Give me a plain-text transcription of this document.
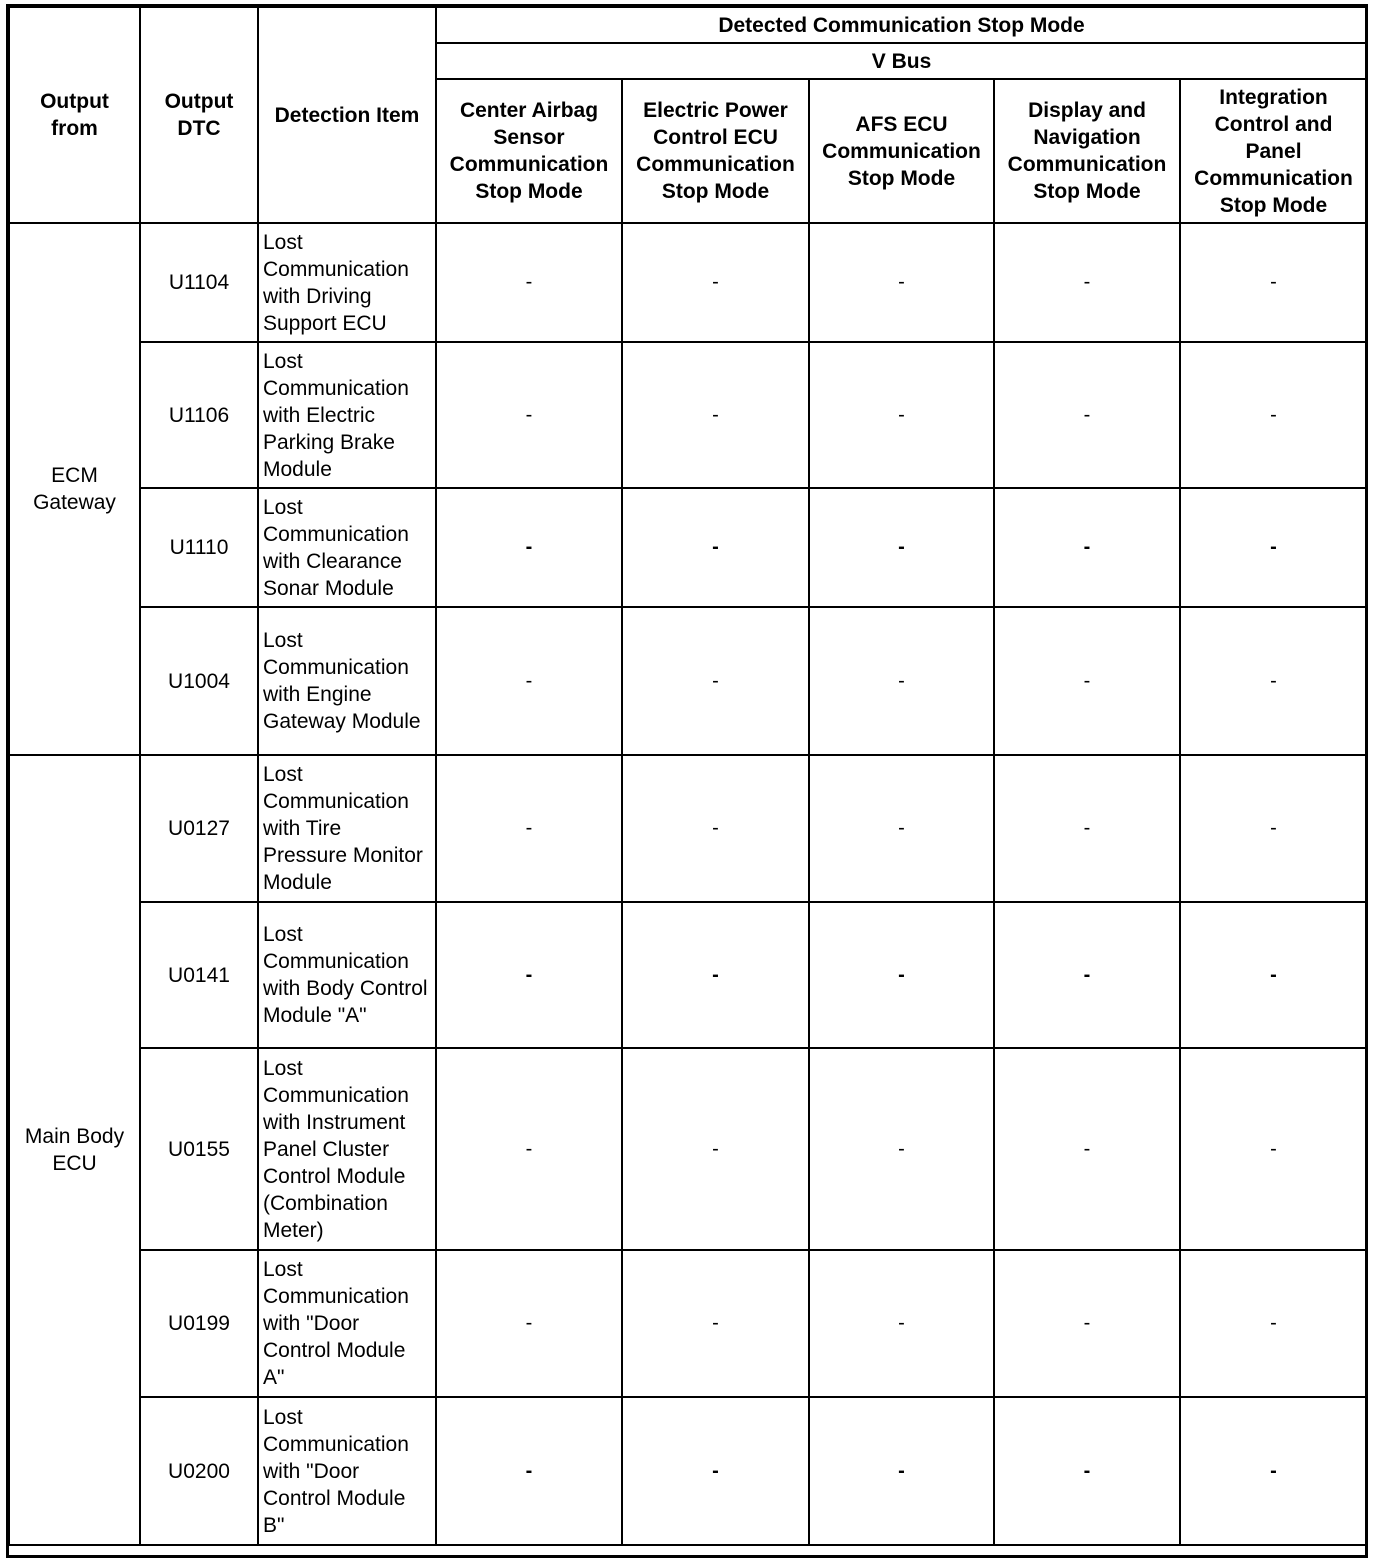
Output from	Output DTC	Detection Item	Detected Communication Stop Mode				
			V Bus				
			Center Airbag Sensor Communication Stop Mode	Electric Power Control ECU Communication Stop Mode	AFS ECU Communication Stop Mode	Display and Navigation Communication Stop Mode	Integration Control and Panel Communication Stop Mode
ECM Gateway	U1104	Lost Communication with Driving Support ECU	-	-	-	-	-
	U1106	Lost Communication with Electric Parking Brake Module	-	-	-	-	-
	U1110	Lost Communication with Clearance Sonar Module	-	-	-	-	-
	U1004	Lost Communication with Engine Gateway Module	-	-	-	-	-
Main Body ECU	U0127	Lost Communication with Tire Pressure Monitor Module	-	-	-	-	-
	U0141	Lost Communication with Body Control Module "A"	-	-	-	-	-
	U0155	Lost Communication with Instrument Panel Cluster Control Module (Combination Meter)	-	-	-	-	-
	U0199	Lost Communication with "Door Control Module A"	-	-	-	-	-
	U0200	Lost Communication with "Door Control Module B"	-	-	-	-	-
